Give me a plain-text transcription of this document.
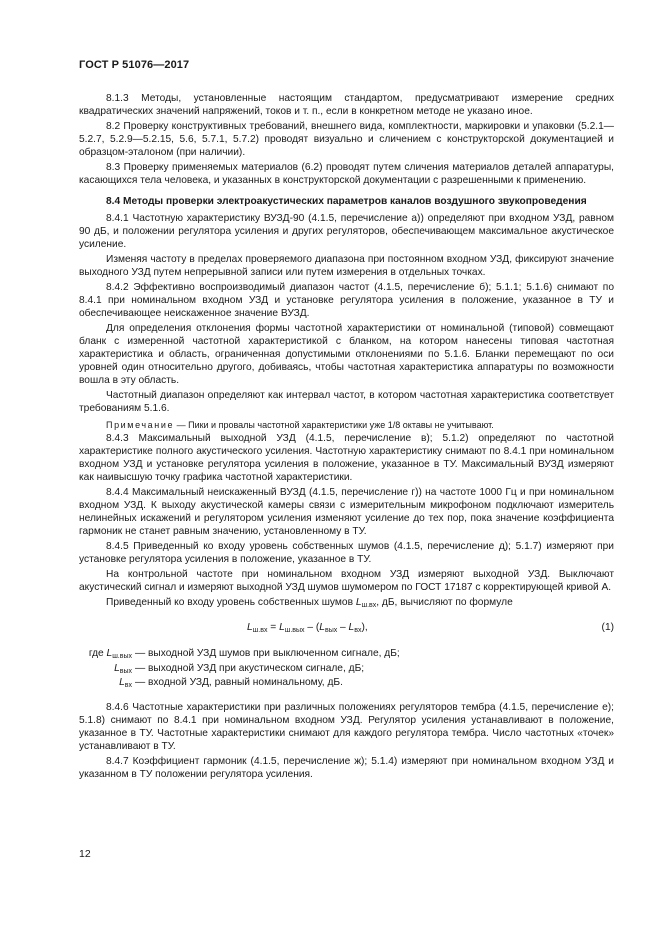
ГОСТ Р 51076—2017

8.1.3 Методы, установленные настоящим стандартом, предусматривают измерение средних квадратических значений напряжений, токов и т. п., если в конкретном методе не указано иное.

8.2 Проверку конструктивных требований, внешнего вида, комплектности, маркировки и упаковки (5.2.1—5.2.7, 5.2.9—5.2.15, 5.6, 5.7.1, 5.7.2) проводят визуально и сличением с конструкторской документацией и образцом-эталоном (при наличии).

8.3 Проверку применяемых материалов (6.2) проводят путем сличения материалов деталей аппаратуры, касающихся тела человека, и указанных в конструкторской документации с разрешенными к применению.

8.4 Методы проверки электроакустических параметров каналов воздушного звукопроведения

8.4.1 Частотную характеристику ВУЗД-90 (4.1.5, перечисление а)) определяют при входном УЗД, равном 90 дБ, и положении регулятора усиления и других регуляторов, обеспечивающем максимальное акустическое усиление.

Изменяя частоту в пределах проверяемого диапазона при постоянном входном УЗД, фиксируют значение выходного УЗД путем непрерывной записи или путем измерения в отдельных точках.

8.4.2 Эффективно воспроизводимый диапазон частот (4.1.5, перечисление б); 5.1.1; 5.1.6) снимают по 8.4.1 при номинальном входном УЗД и установке регулятора усиления в положение, указанное в ТУ и обеспечивающее неискаженное значение ВУЗД.

Для определения отклонения формы частотной характеристики от номинальной (типовой) совмещают бланк с измеренной частотной характеристикой с бланком, на котором нанесены типовая частотная характеристика и область, ограниченная допустимыми отклонениями по 5.1.6. Бланки перемещают по оси уровней один относительно другого, добиваясь, чтобы частотная характеристика аппаратуры по возможности вошла в эту область.

Частотный диапазон определяют как интервал частот, в котором частотная характеристика соответствует требованиям 5.1.6.

Примечание — Пики и провалы частотной характеристики уже 1/8 октавы не учитывают.

8.4.3 Максимальный выходной УЗД (4.1.5, перечисление в); 5.1.2) определяют по частотной характеристике полного акустического усиления. Частотную характеристику снимают по 8.4.1 при номинальном входном УЗД и установке регулятора усиления в положение, указанное в ТУ. Максимальный ВУЗД измеряют как наивысшую точку графика частотной характеристики.

8.4.4 Максимальный неискаженный ВУЗД (4.1.5, перечисление г)) на частоте 1000 Гц и при номинальном входном УЗД. К выходу акустической камеры связи с измерительным микрофоном подключают измеритель нелинейных искажений и регулятором усиления изменяют усиление до тех пор, пока значение коэффициента гармоник не станет равным значению, установленному в ТУ.

8.4.5 Приведенный ко входу уровень собственных шумов (4.1.5, перечисление д); 5.1.7) измеряют при установке регулятора усиления в положение, указанное в ТУ.

На контрольной частоте при номинальном входном УЗД измеряют выходной УЗД. Выключают акустический сигнал и измеряют выходной УЗД шумов шумомером по ГОСТ 17187 с корректирующей кривой А.

Приведенный ко входу уровень собственных шумов $L_{ш.вх}$, дБ, вычисляют по формуле

$L_{ш.вх} = L_{ш.вых} - (L_{вых} - L_{вх})$,	(1)
где $L_{ш.вых}$ — выходной УЗД шумов при выключенном сигнале, дБ;
$L_{вых}$ — выходной УЗД при акустическом сигнале, дБ;
$L_{вх}$ — входной УЗД, равный номинальному, дБ.

8.4.6 Частотные характеристики при различных положениях регуляторов тембра (4.1.5, перечисление е); 5.1.8) снимают по 8.4.1 при номинальном входном УЗД. Регулятор усиления устанавливают в положение, указанное в ТУ. Частотные характеристики снимают для каждого регулятора тембра. Число частотных «точек» устанавливают в ТУ.

8.4.7 Коэффициент гармоник (4.1.5, перечисление ж); 5.1.4) измеряют при номинальном входном УЗД и указанном в ТУ положении регулятора усиления.

12
